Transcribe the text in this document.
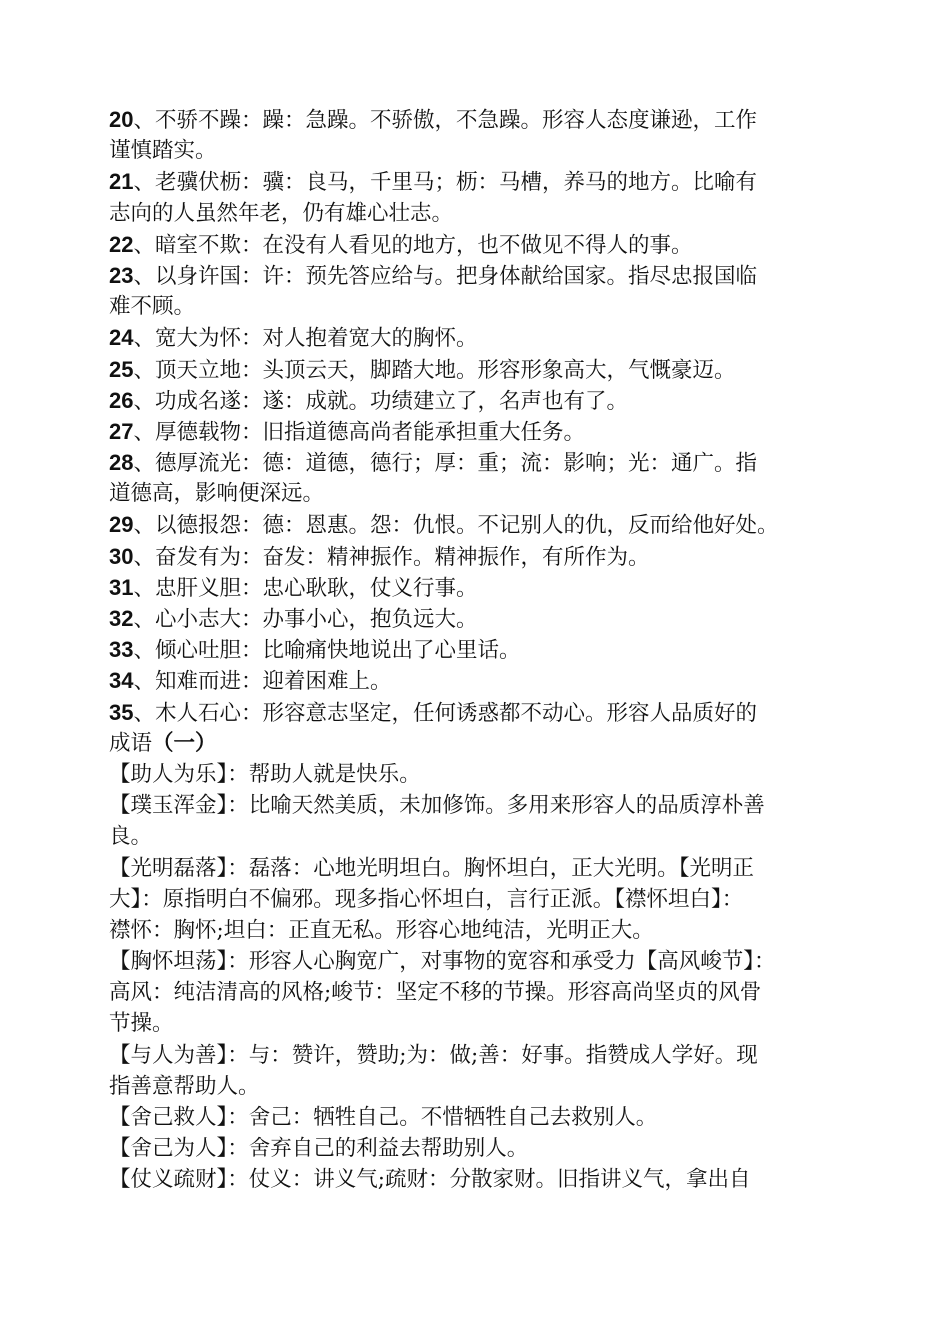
20、不骄不躁：躁：急躁。不骄傲，不急躁。形容人态度谦逊，工作
谨慎踏实。
21、老骥伏枥：骥：良马，千里马；枥：马槽，养马的地方。比喻有
志向的人虽然年老，仍有雄心壮志。
22、暗室不欺：在没有人看见的地方，也不做见不得人的事。
23、以身许国：许：预先答应给与。把身体献给国家。指尽忠报国临
难不顾。
24、宽大为怀：对人抱着宽大的胸怀。
25、顶天立地：头顶云天，脚踏大地。形容形象高大，气慨豪迈。
26、功成名遂：遂：成就。功绩建立了，名声也有了。
27、厚德载物：旧指道德高尚者能承担重大任务。
28、德厚流光：德：道德，德行；厚：重；流：影响；光：通广。指
道德高，影响便深远。
29、以德报怨：德：恩惠。怨：仇恨。不记别人的仇，反而给他好处。
30、奋发有为：奋发：精神振作。精神振作，有所作为。
31、忠肝义胆：忠心耿耿，仗义行事。
32、心小志大：办事小心，抱负远大。
33、倾心吐胆：比喻痛快地说出了心里话。
34、知难而进：迎着困难上。
35、木人石心：形容意志坚定，任何诱惑都不动心。形容人品质好的
成语（一）
【助人为乐】：帮助人就是快乐。
【璞玉浑金】：比喻天然美质，未加修饰。多用来形容人的品质淳朴善
良。
【光明磊落】：磊落：心地光明坦白。胸怀坦白，正大光明。【光明正
大】：原指明白不偏邪。现多指心怀坦白，言行正派。【襟怀坦白】：
襟怀：胸怀;坦白：正直无私。形容心地纯洁，光明正大。
【胸怀坦荡】：形容人心胸宽广，对事物的宽容和承受力【高风峻节】：
高风：纯洁清高的风格;峻节：坚定不移的节操。形容高尚坚贞的风骨
节操。
【与人为善】：与：赞许，赞助;为：做;善：好事。指赞成人学好。现
指善意帮助人。
【舍己救人】：舍己：牺牲自己。不惜牺牲自己去救别人。
【舍己为人】：舍弃自己的利益去帮助别人。
【仗义疏财】：仗义：讲义气;疏财：分散家财。旧指讲义气，拿出自
